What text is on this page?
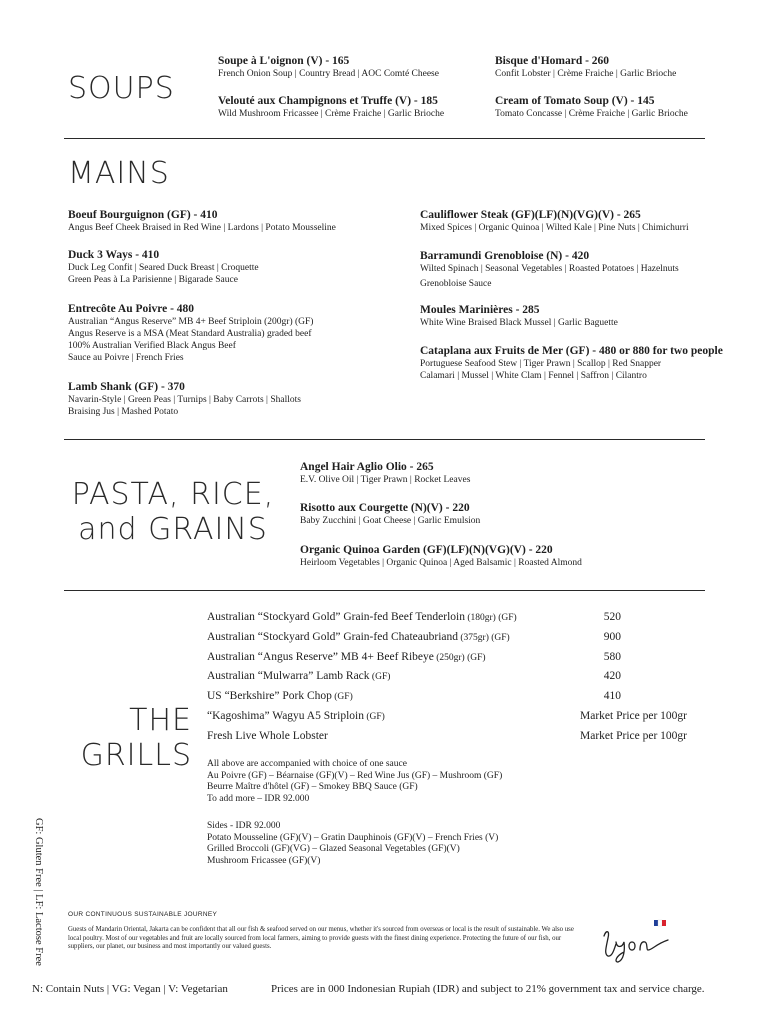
SOUPS
Soupe à L'oignon (V) - 165
French Onion Soup | Country Bread | AOC Comté Cheese
Velouté aux Champignons et Truffe (V) - 185
Wild Mushroom Fricassee | Crème Fraiche | Garlic Brioche
Bisque d'Homard - 260
Confit Lobster | Crème Fraiche | Garlic Brioche
Cream of Tomato Soup (V) - 145
Tomato Concasse | Crème Fraiche | Garlic Brioche
MAINS
Boeuf Bourguignon (GF) - 410
Angus Beef Cheek Braised in Red Wine | Lardons | Potato Mousseline
Duck 3 Ways - 410
Duck Leg Confit | Seared Duck Breast | Croquette
Green Peas à La Parisienne | Bigarade Sauce
Entrecôte Au Poivre - 480
Australian “Angus Reserve” MB 4+ Beef Striploin (200gr) (GF)
Angus Reserve is a MSA (Meat Standard Australia) graded beef
100% Australian Verified Black Angus Beef
Sauce au Poivre | French Fries
Lamb Shank (GF) - 370
Navarin-Style | Green Peas | Turnips | Baby Carrots | Shallots
Braising Jus | Mashed Potato
Cauliflower Steak (GF)(LF)(N)(VG)(V) - 265
Mixed Spices | Organic Quinoa | Wilted Kale | Pine Nuts | Chimichurri
Barramundi Grenobloise (N) - 420
Wilted Spinach | Seasonal Vegetables | Roasted Potatoes | Hazelnuts
Grenobloise Sauce
Moules Marinières - 285
White Wine Braised Black Mussel | Garlic Baguette
Cataplana aux Fruits de Mer (GF) - 480 or 880 for two people
Portuguese Seafood Stew | Tiger Prawn | Scallop | Red Snapper
Calamari | Mussel | White Clam | Fennel | Saffron | Cilantro
PASTA, RICE,
and GRAINS
Angel Hair Aglio Olio - 265
E.V. Olive Oil | Tiger Prawn | Rocket Leaves
Risotto aux Courgette (N)(V) - 220
Baby Zucchini | Goat Cheese | Garlic Emulsion
Organic Quinoa Garden (GF)(LF)(N)(VG)(V) - 220
Heirloom Vegetables | Organic Quinoa | Aged Balsamic | Roasted Almond
THE
GRILLS
Australian “Stockyard Gold” Grain-fed Beef Tenderloin (180gr) (GF)	520
Australian “Stockyard Gold” Grain-fed Chateaubriand (375gr) (GF)	900
Australian “Angus Reserve” MB 4+ Beef Ribeye (250gr) (GF)	580
Australian “Mulwarra” Lamb Rack (GF)	420
US “Berkshire” Pork Chop (GF)	410
“Kagoshima” Wagyu A5 Striploin (GF)	Market Price per 100gr
Fresh Live Whole Lobster	Market Price per 100gr
All above are accompanied with choice of one sauce
Au Poivre (GF) – Béarnaise (GF)(V) – Red Wine Jus (GF) – Mushroom (GF)
Beurre Maître d'hôtel (GF) – Smokey BBQ Sauce (GF)
To add more – IDR 92.000
Sides - IDR 92.000
Potato Mousseline (GF)(V) – Gratin Dauphinois (GF)(V) – French Fries (V)
Grilled Broccoli (GF)(VG) – Glazed Seasonal Vegetables (GF)(V)
Mushroom Fricassee (GF)(V)
GF: Gluten Free | LF: Lactose Free	OUR CONTINUOUS SUSTAINABLE JOURNEY
Guests of Mandarin Oriental, Jakarta can be confident that all our fish & seafood served on our menus, whether it's sourced from overseas or local is the result of sustainable. We also use local poultry. Most of our vegetables and fruit are locally sourced from local farmers, aiming to provide guests with the finest dining experience. Protecting the future of our fish, our suppliers, our planet, our business and most importantly our valued guests.
N: Contain Nuts | VG: Vegan | V: Vegetarian	Prices are in 000 Indonesian Rupiah (IDR) and subject to 21% government tax and service charge.
